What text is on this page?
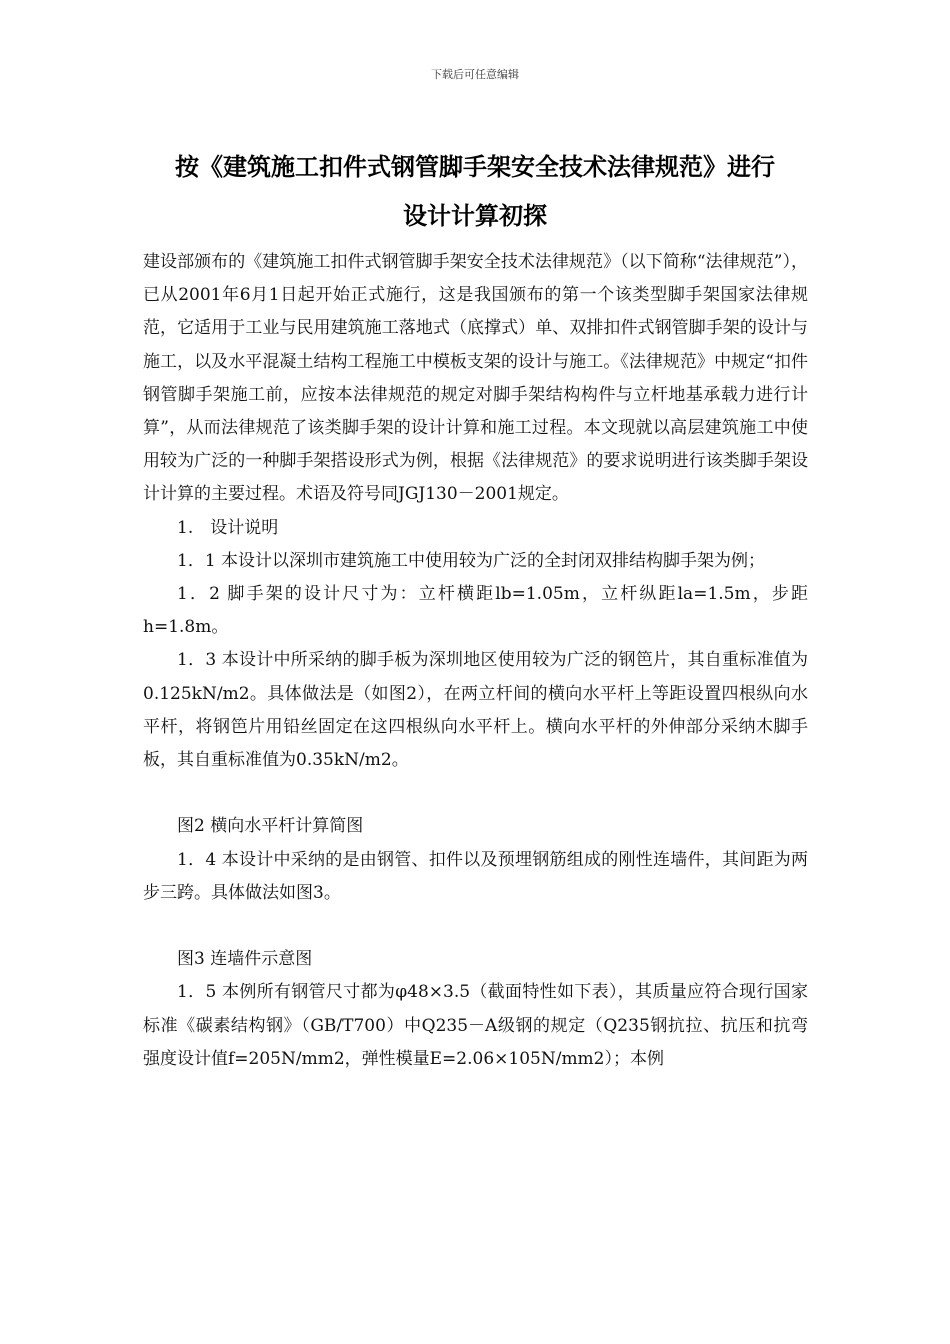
下载后可任意编辑
按《建筑施工扣件式钢管脚手架安全技术法律规范》进行
设计计算初探

建设部颁布的《建筑施工扣件式钢管脚手架安全技术法律规范》（以下简称“法律规范”），已从2001年6月1日起开始正式施行，这是我国颁布的第一个该类型脚手架国家法律规范，它适用于工业与民用建筑施工落地式（底撑式）单、双排扣件式钢管脚手架的设计与施工，以及水平混凝土结构工程施工中模板支架的设计与施工。《法律规范》中规定“扣件钢管脚手架施工前，应按本法律规范的规定对脚手架结构构件与立杆地基承载力进行计算”，从而法律规范了该类脚手架的设计计算和施工过程。本文现就以高层建筑施工中使用较为广泛的一种脚手架搭设形式为例，根据《法律规范》的要求说明进行该类脚手架设计计算的主要过程。术语及符号同JGJ130－2001规定。

1.　设计说明

1．1 本设计以深圳市建筑施工中使用较为广泛的全封闭双排结构脚手架为例；

1．2 脚手架的设计尺寸为：立杆横距lb=1.05m，立杆纵距la=1.5m，步距h=1.8m。

1．3 本设计中所采纳的脚手板为深圳地区使用较为广泛的钢笆片，其自重标准值为0.125kN/m2。具体做法是（如图2），在两立杆间的横向水平杆上等距设置四根纵向水平杆，将钢笆片用铅丝固定在这四根纵向水平杆上。横向水平杆的外伸部分采纳木脚手板，其自重标准值为0.35kN/m2。

图2 横向水平杆计算简图

1．4 本设计中采纳的是由钢管、扣件以及预埋钢筋组成的刚性连墙件，其间距为两步三跨。具体做法如图3。

图3 连墙件示意图

1．5 本例所有钢管尺寸都为φ48×3.5（截面特性如下表），其质量应符合现行国家标准《碳素结构钢》（GB/T700）中Q235－A级钢的规定（Q235钢抗拉、抗压和抗弯强度设计值f=205N/mm2，弹性模量E=2.06×105N/mm2）；本例
